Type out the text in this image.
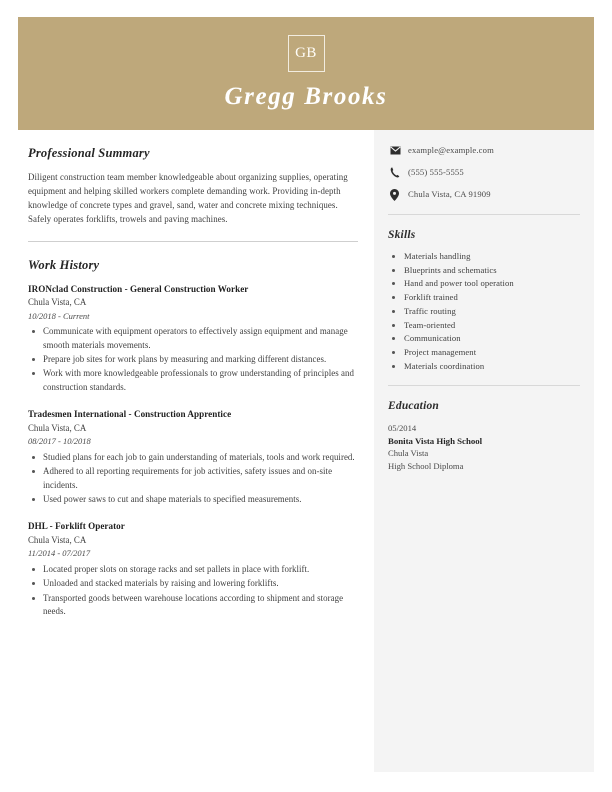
GB
Gregg Brooks
example@example.com
(555) 555-5555
Chula Vista, CA 91909
Skills
Materials handling
Blueprints and schematics
Hand and power tool operation
Forklift trained
Traffic routing
Team-oriented
Communication
Project management
Materials coordination
Education
05/2014
Bonita Vista High School
Chula Vista
High School Diploma
Professional Summary

Diligent construction team member knowledgeable about organizing supplies, operating equipment and helping skilled workers complete demanding work. Providing in-depth knowledge of concrete types and gravel, sand, water and concrete mixing techniques. Safely operates forklifts, trowels and paving machines.

Work History
IRONclad Construction - General Construction Worker
Chula Vista, CA
10/2018 - Current
Communicate with equipment operators to effectively assign equipment and manage smooth materials movements.
Prepare job sites for work plans by measuring and marking different distances.
Work with more knowledgeable professionals to grow understanding of principles and construction standards.
Tradesmen International - Construction Apprentice
Chula Vista, CA
08/2017 - 10/2018
Studied plans for each job to gain understanding of materials, tools and work required.
Adhered to all reporting requirements for job activities, safety issues and on-site incidents.
Used power saws to cut and shape materials to specified measurements.
DHL - Forklift Operator
Chula Vista, CA
11/2014 - 07/2017
Located proper slots on storage racks and set pallets in place with forklift.
Unloaded and stacked materials by raising and lowering forklifts.
Transported goods between warehouse locations according to shipment and storage needs.
